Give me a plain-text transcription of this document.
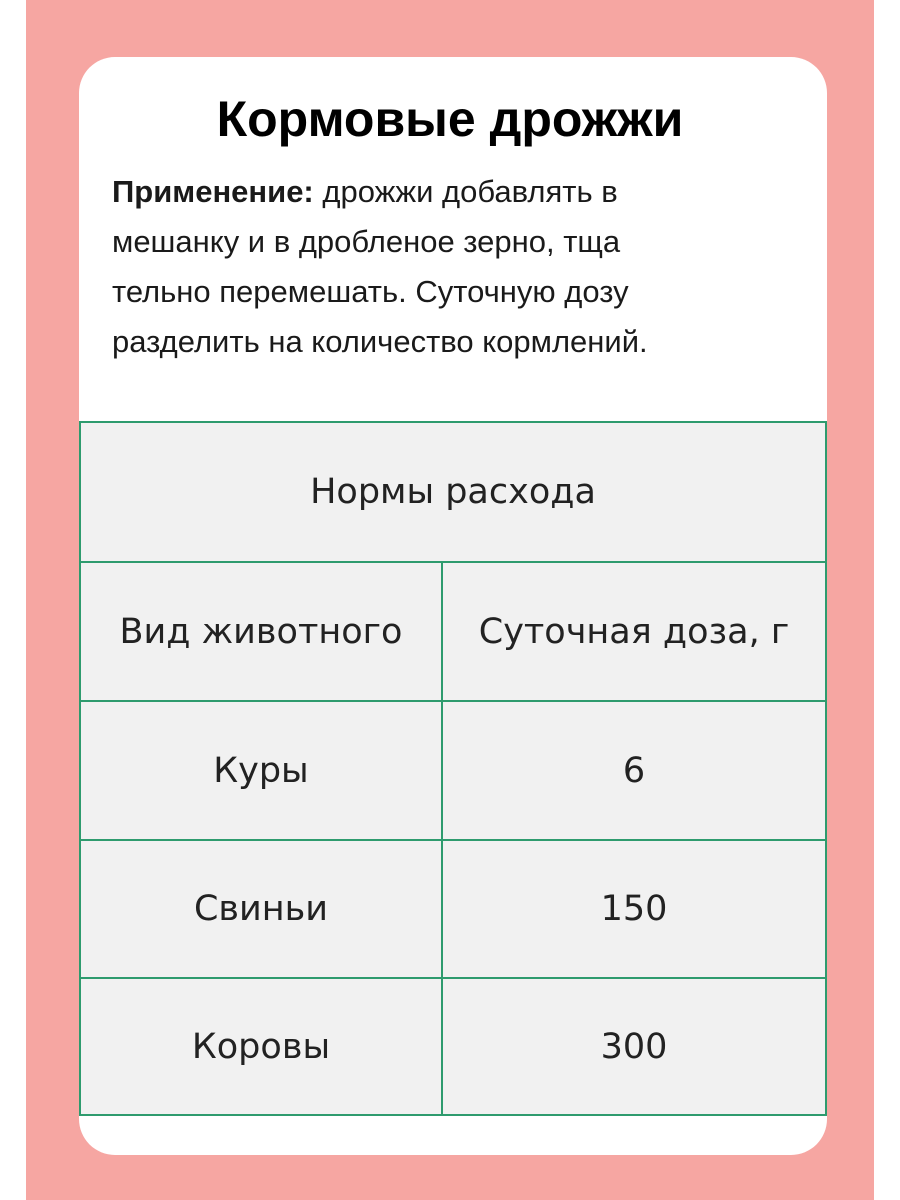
Кормовые дрожжи
Применение: дрожжи добавлять в
мешанку и в дробленое зерно, тща
тельно перемешать. Суточную дозу
разделить на количество кормлений.
Нормы расхода
Вид животного	Суточная доза, г
Куры	6
Свиньи	150
Коровы	300
